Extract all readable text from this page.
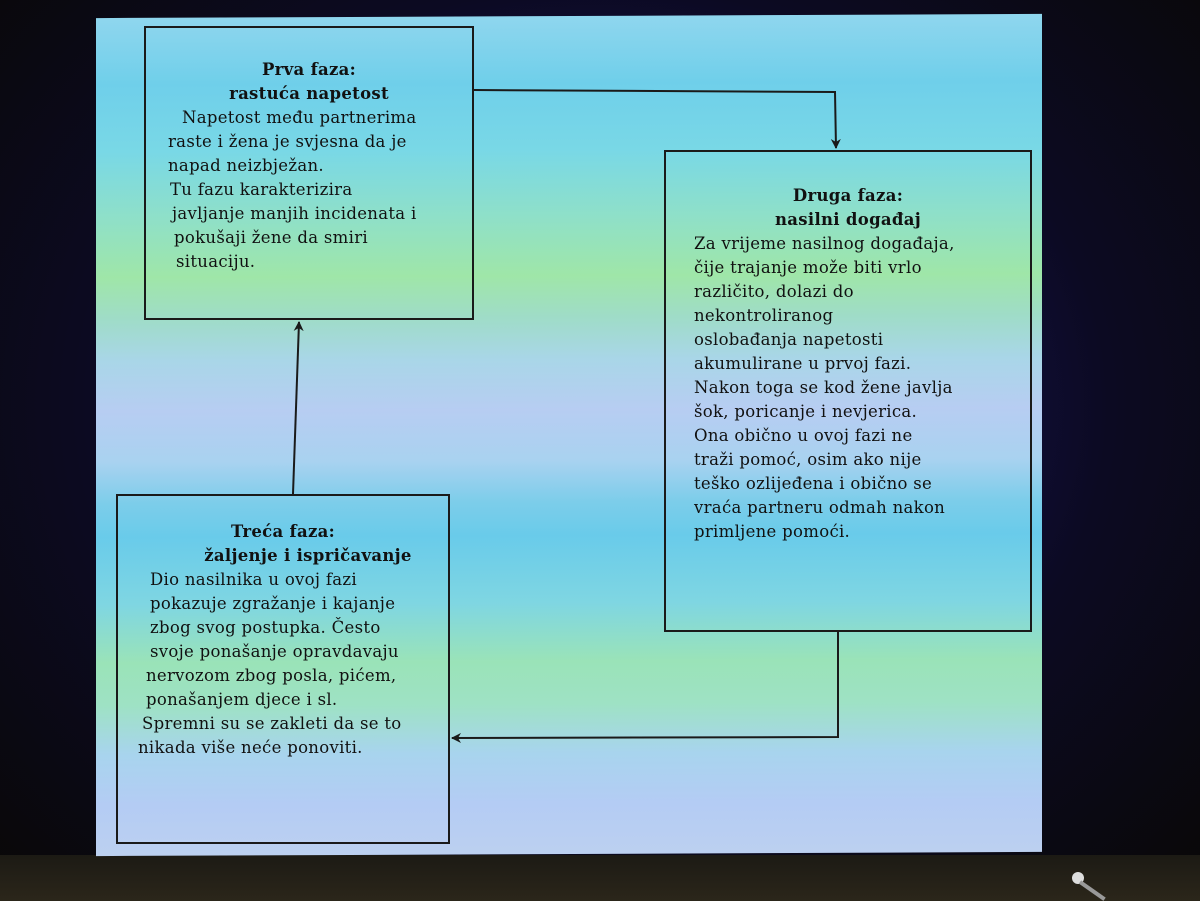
Prva faza:
rastuća napetost
Napetost među partnerima
raste i žena je svjesna da je
napad neizbježan.
Tu fazu karakterizira
javljanje manjih incidenata i
pokušaji žene da smiri
situaciju.
Druga faza:
nasilni događaj
Za vrijeme nasilnog događaja,
čije trajanje može biti vrlo
različito, dolazi do
nekontroliranog
oslobađanja napetosti
akumulirane u prvoj fazi.
Nakon toga se kod žene javlja
šok, poricanje i nevjerica.
Ona obično u ovoj fazi ne
traži pomoć, osim ako nije
teško ozlijeđena i obično se
vraća partneru odmah nakon
primljene pomoći.
Treća faza:
žaljenje i ispričavanje
Dio nasilnika u ovoj fazi
pokazuje zgražanje i kajanje
zbog svog postupka. Često
svoje ponašanje opravdavaju
nervozom zbog posla, pićem,
ponašanjem djece i sl.
Spremni su se zakleti da se to
nikada više neće ponoviti.
